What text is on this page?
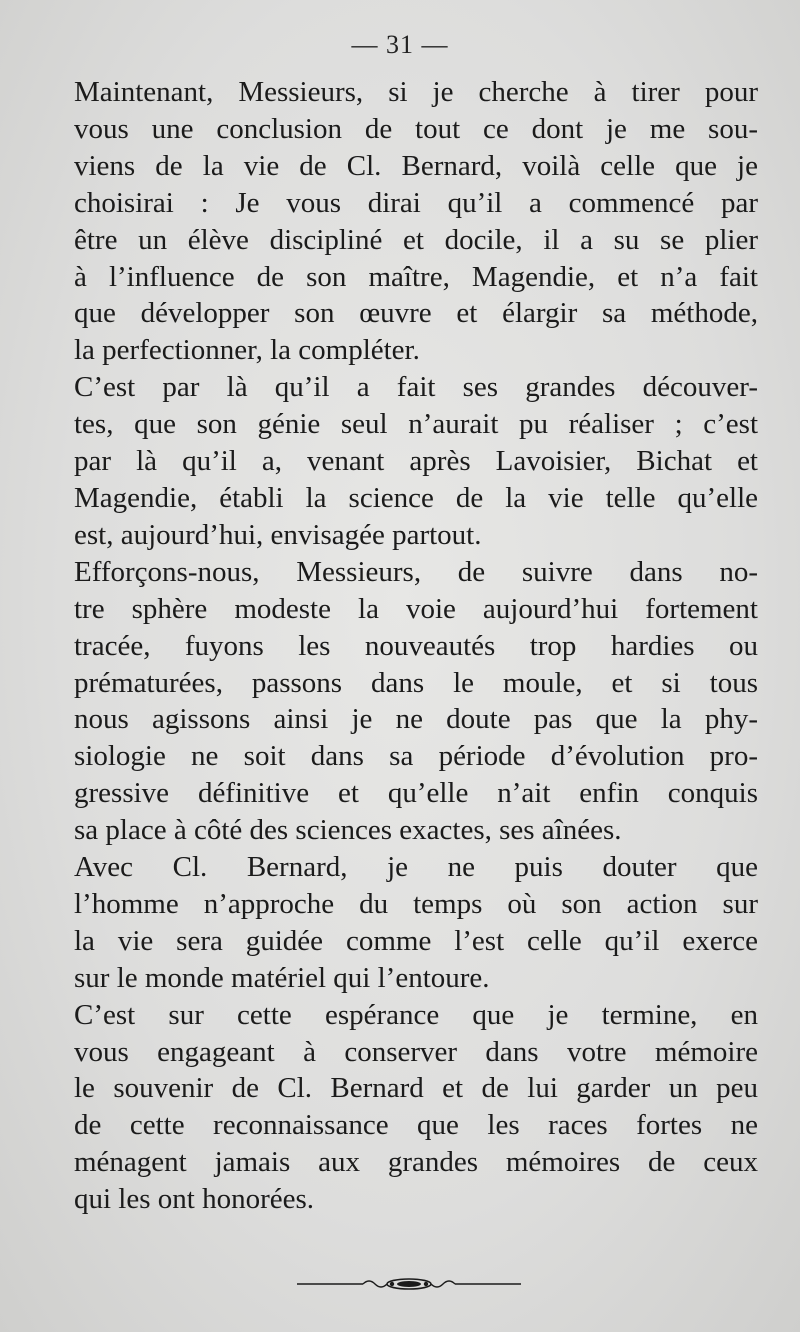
— 31 —

Maintenant, Messieurs, si je cherche à tirer pour
vous une conclusion de tout ce dont je me sou-
viens de la vie de Cl. Bernard, voilà celle que je
choisirai : Je vous dirai qu’il a commencé par
être un élève discipliné et docile, il a su se plier
à l’influence de son maître, Magendie, et n’a fait
que développer son œuvre et élargir sa méthode,
la perfectionner, la compléter.

C’est par là qu’il a fait ses grandes découver-
tes, que son génie seul n’aurait pu réaliser ; c’est
par là qu’il a, venant après Lavoisier, Bichat et
Magendie, établi la science de la vie telle qu’elle
est, aujourd’hui, envisagée partout.

Efforçons-nous, Messieurs, de suivre dans no-
tre sphère modeste la voie aujourd’hui fortement
tracée, fuyons les nouveautés trop hardies ou
prématurées, passons dans le moule, et si tous
nous agissons ainsi je ne doute pas que la phy-
siologie ne soit dans sa période d’évolution pro-
gressive définitive et qu’elle n’ait enfin conquis
sa place à côté des sciences exactes, ses aînées.

Avec Cl. Bernard, je ne puis douter que
l’homme n’approche du temps où son action sur
la vie sera guidée comme l’est celle qu’il exerce
sur le monde matériel qui l’entoure.

C’est sur cette espérance que je termine, en
vous engageant à conserver dans votre mémoire
le souvenir de Cl. Bernard et de lui garder un peu
de cette reconnaissance que les races fortes ne
ménagent jamais aux grandes mémoires de ceux
qui les ont honorées.
